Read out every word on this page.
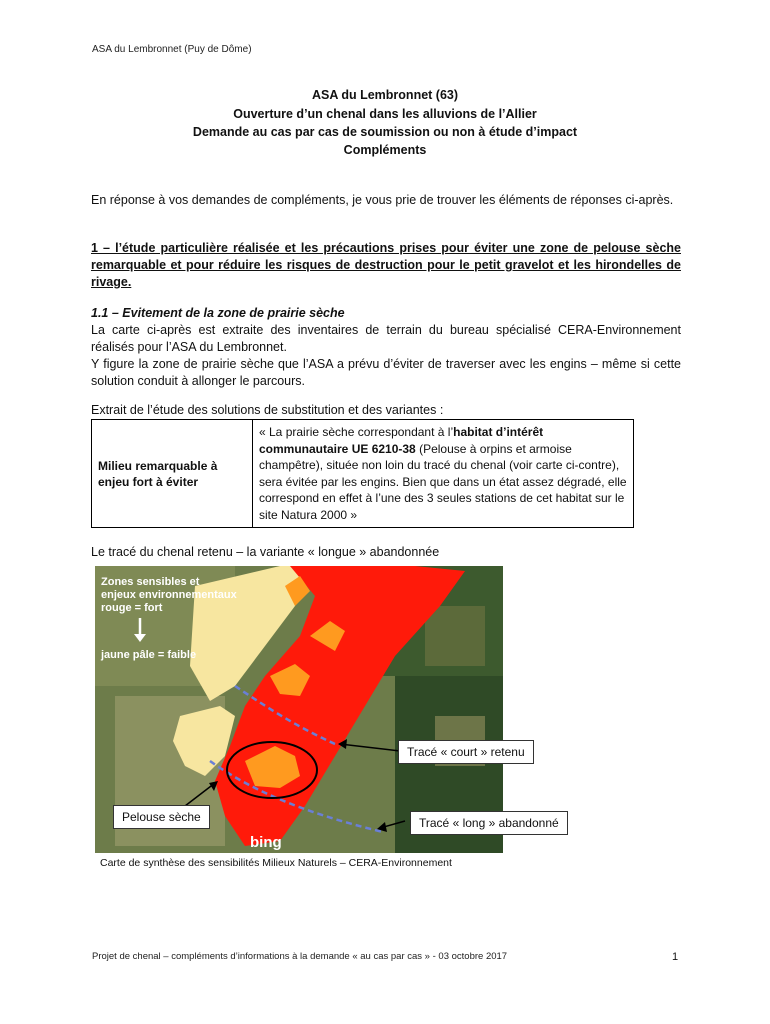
ASA du Lembronnet (Puy de Dôme)
ASA du Lembronnet (63)
Ouverture d’un chenal dans les alluvions de l’Allier
Demande au cas par cas de soumission ou non à étude d’impact
Compléments
En réponse à vos demandes de compléments, je vous prie de trouver les éléments de réponses ci-après.
1 – l’étude particulière réalisée et les précautions prises pour éviter une zone de pelouse sèche remarquable et pour réduire les risques de destruction pour le petit gravelot et les hirondelles de rivage.
1.1 – Evitement de la zone de prairie sèche
La carte ci-après est extraite des inventaires de terrain du bureau spécialisé CERA-Environnement réalisés pour l’ASA du Lembronnet.
Y figure la zone de prairie sèche que l’ASA a prévu d’éviter de traverser avec les engins – même si cette solution conduit à allonger le parcours.
Extrait de l’étude des solutions de substitution et des variantes :
Milieu remarquable à enjeu fort à éviter	« La prairie sèche correspondant à l’habitat d’intérêt communautaire UE 6210-38 (Pelouse à orpins et armoise champêtre), située non loin du tracé du chenal (voir carte ci-contre), sera évitée par les engins. Bien que dans un état assez dégradé, elle correspond en effet à l’une des 3 seules stations de cet habitat sur le site Natura 2000 »
Le tracé du chenal retenu – la variante « longue » abandonnée
Zones sensibles et
enjeux environnementaux
rouge = fort
jaune pâle = faible
bing
Tracé « court » retenu
Tracé « long » abandonné
Pelouse sèche
Carte de synthèse des sensibilités Milieux Naturels – CERA-Environnement
Projet de chenal – compléments d’informations à la demande « au cas par cas » - 03 octobre 2017	1
